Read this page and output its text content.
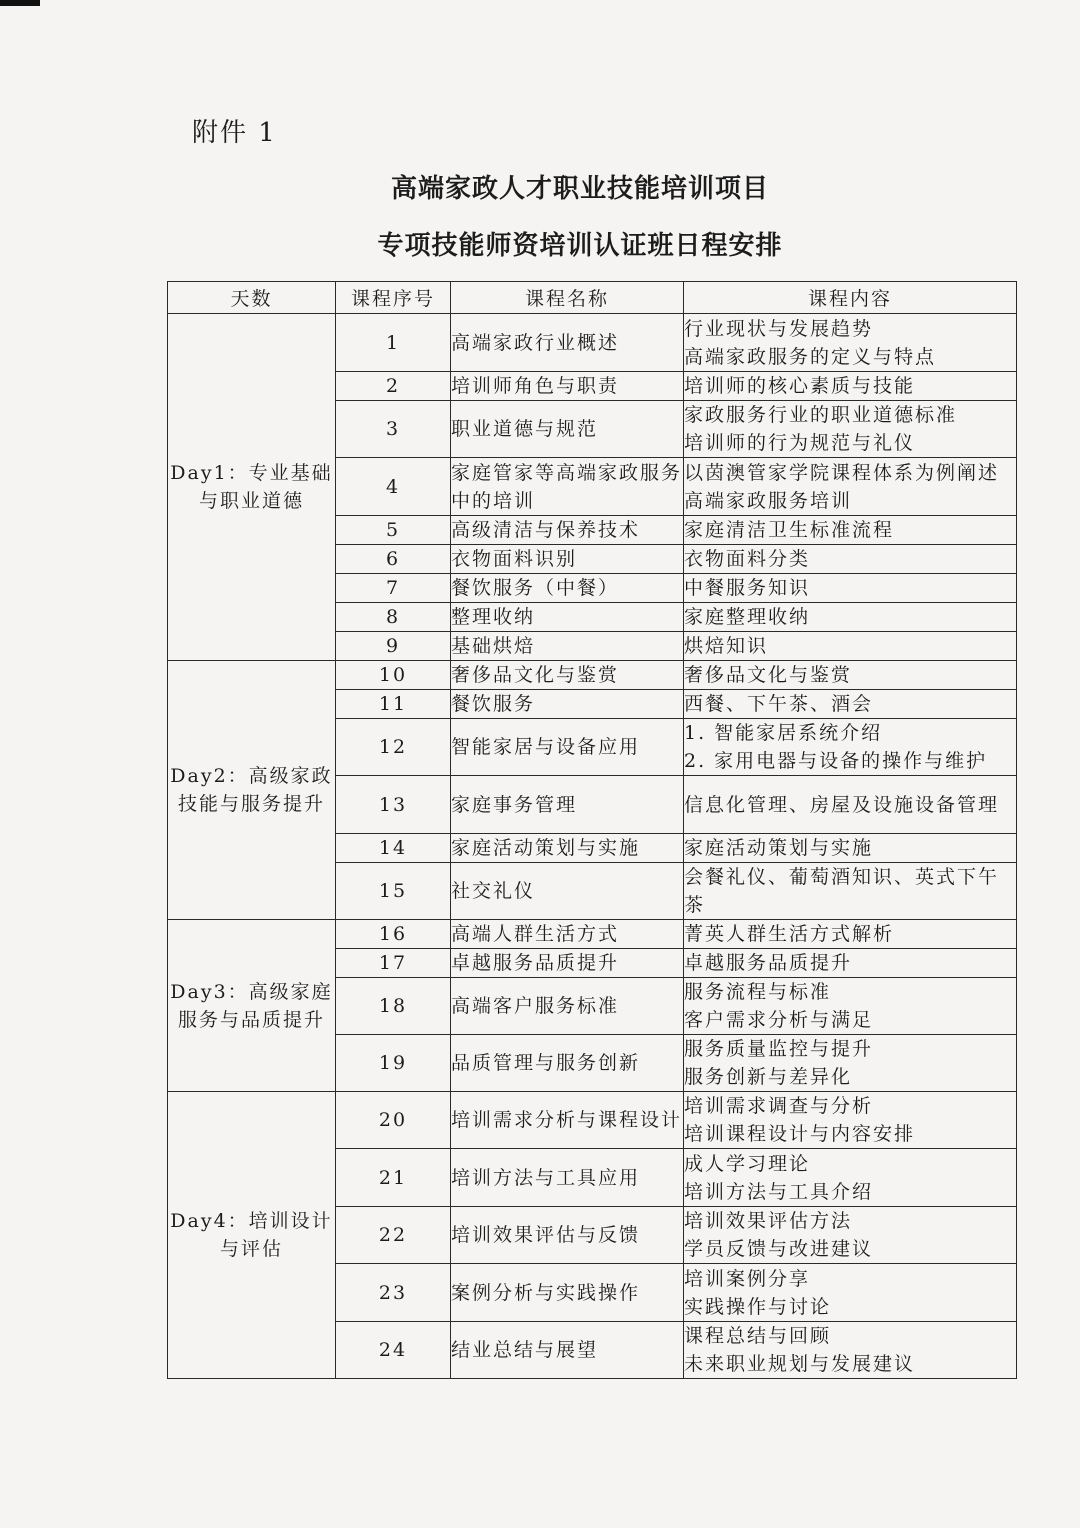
附件 1
高端家政人才职业技能培训项目
专项技能师资培训认证班日程安排
天数	课程序号	课程名称	课程内容
Day1：专业基础与职业道德	1	高端家政行业概述	行业现状与发展趋势
高端家政服务的定义与特点

	2	培训师角色与职责	培训师的核心素质与技能

	3	职业道德与规范	家政服务行业的职业道德标准
培训师的行为规范与礼仪

	4	家庭管家等高端家政服务中的培训	以茵澳管家学院课程体系为例阐述高端家政服务培训

	5	高级清洁与保养技术	家庭清洁卫生标准流程

	6	衣物面料识别	衣物面料分类

	7	餐饮服务（中餐）	中餐服务知识

	8	整理收纳	家庭整理收纳

	9	基础烘焙	烘焙知识

Day2：高级家政技能与服务提升	10	奢侈品文化与鉴赏	奢侈品文化与鉴赏

	11	餐饮服务	西餐、下午茶、酒会

	12	智能家居与设备应用	1. 智能家居系统介绍
2. 家用电器与设备的操作与维护

	13	家庭事务管理	信息化管理、房屋及设施设备管理

	14	家庭活动策划与实施	家庭活动策划与实施

	15	社交礼仪	会餐礼仪、葡萄酒知识、英式下午茶

Day3：高级家庭服务与品质提升	16	高端人群生活方式	菁英人群生活方式解析

	17	卓越服务品质提升	卓越服务品质提升

	18	高端客户服务标准	服务流程与标准
客户需求分析与满足

	19	品质管理与服务创新	服务质量监控与提升
服务创新与差异化

Day4：培训设计与评估	20	培训需求分析与课程设计	培训需求调查与分析
培训课程设计与内容安排

	21	培训方法与工具应用	成人学习理论
培训方法与工具介绍

	22	培训效果评估与反馈	培训效果评估方法
学员反馈与改进建议

	23	案例分析与实践操作	培训案例分享
实践操作与讨论

	24	结业总结与展望	课程总结与回顾
未来职业规划与发展建议
